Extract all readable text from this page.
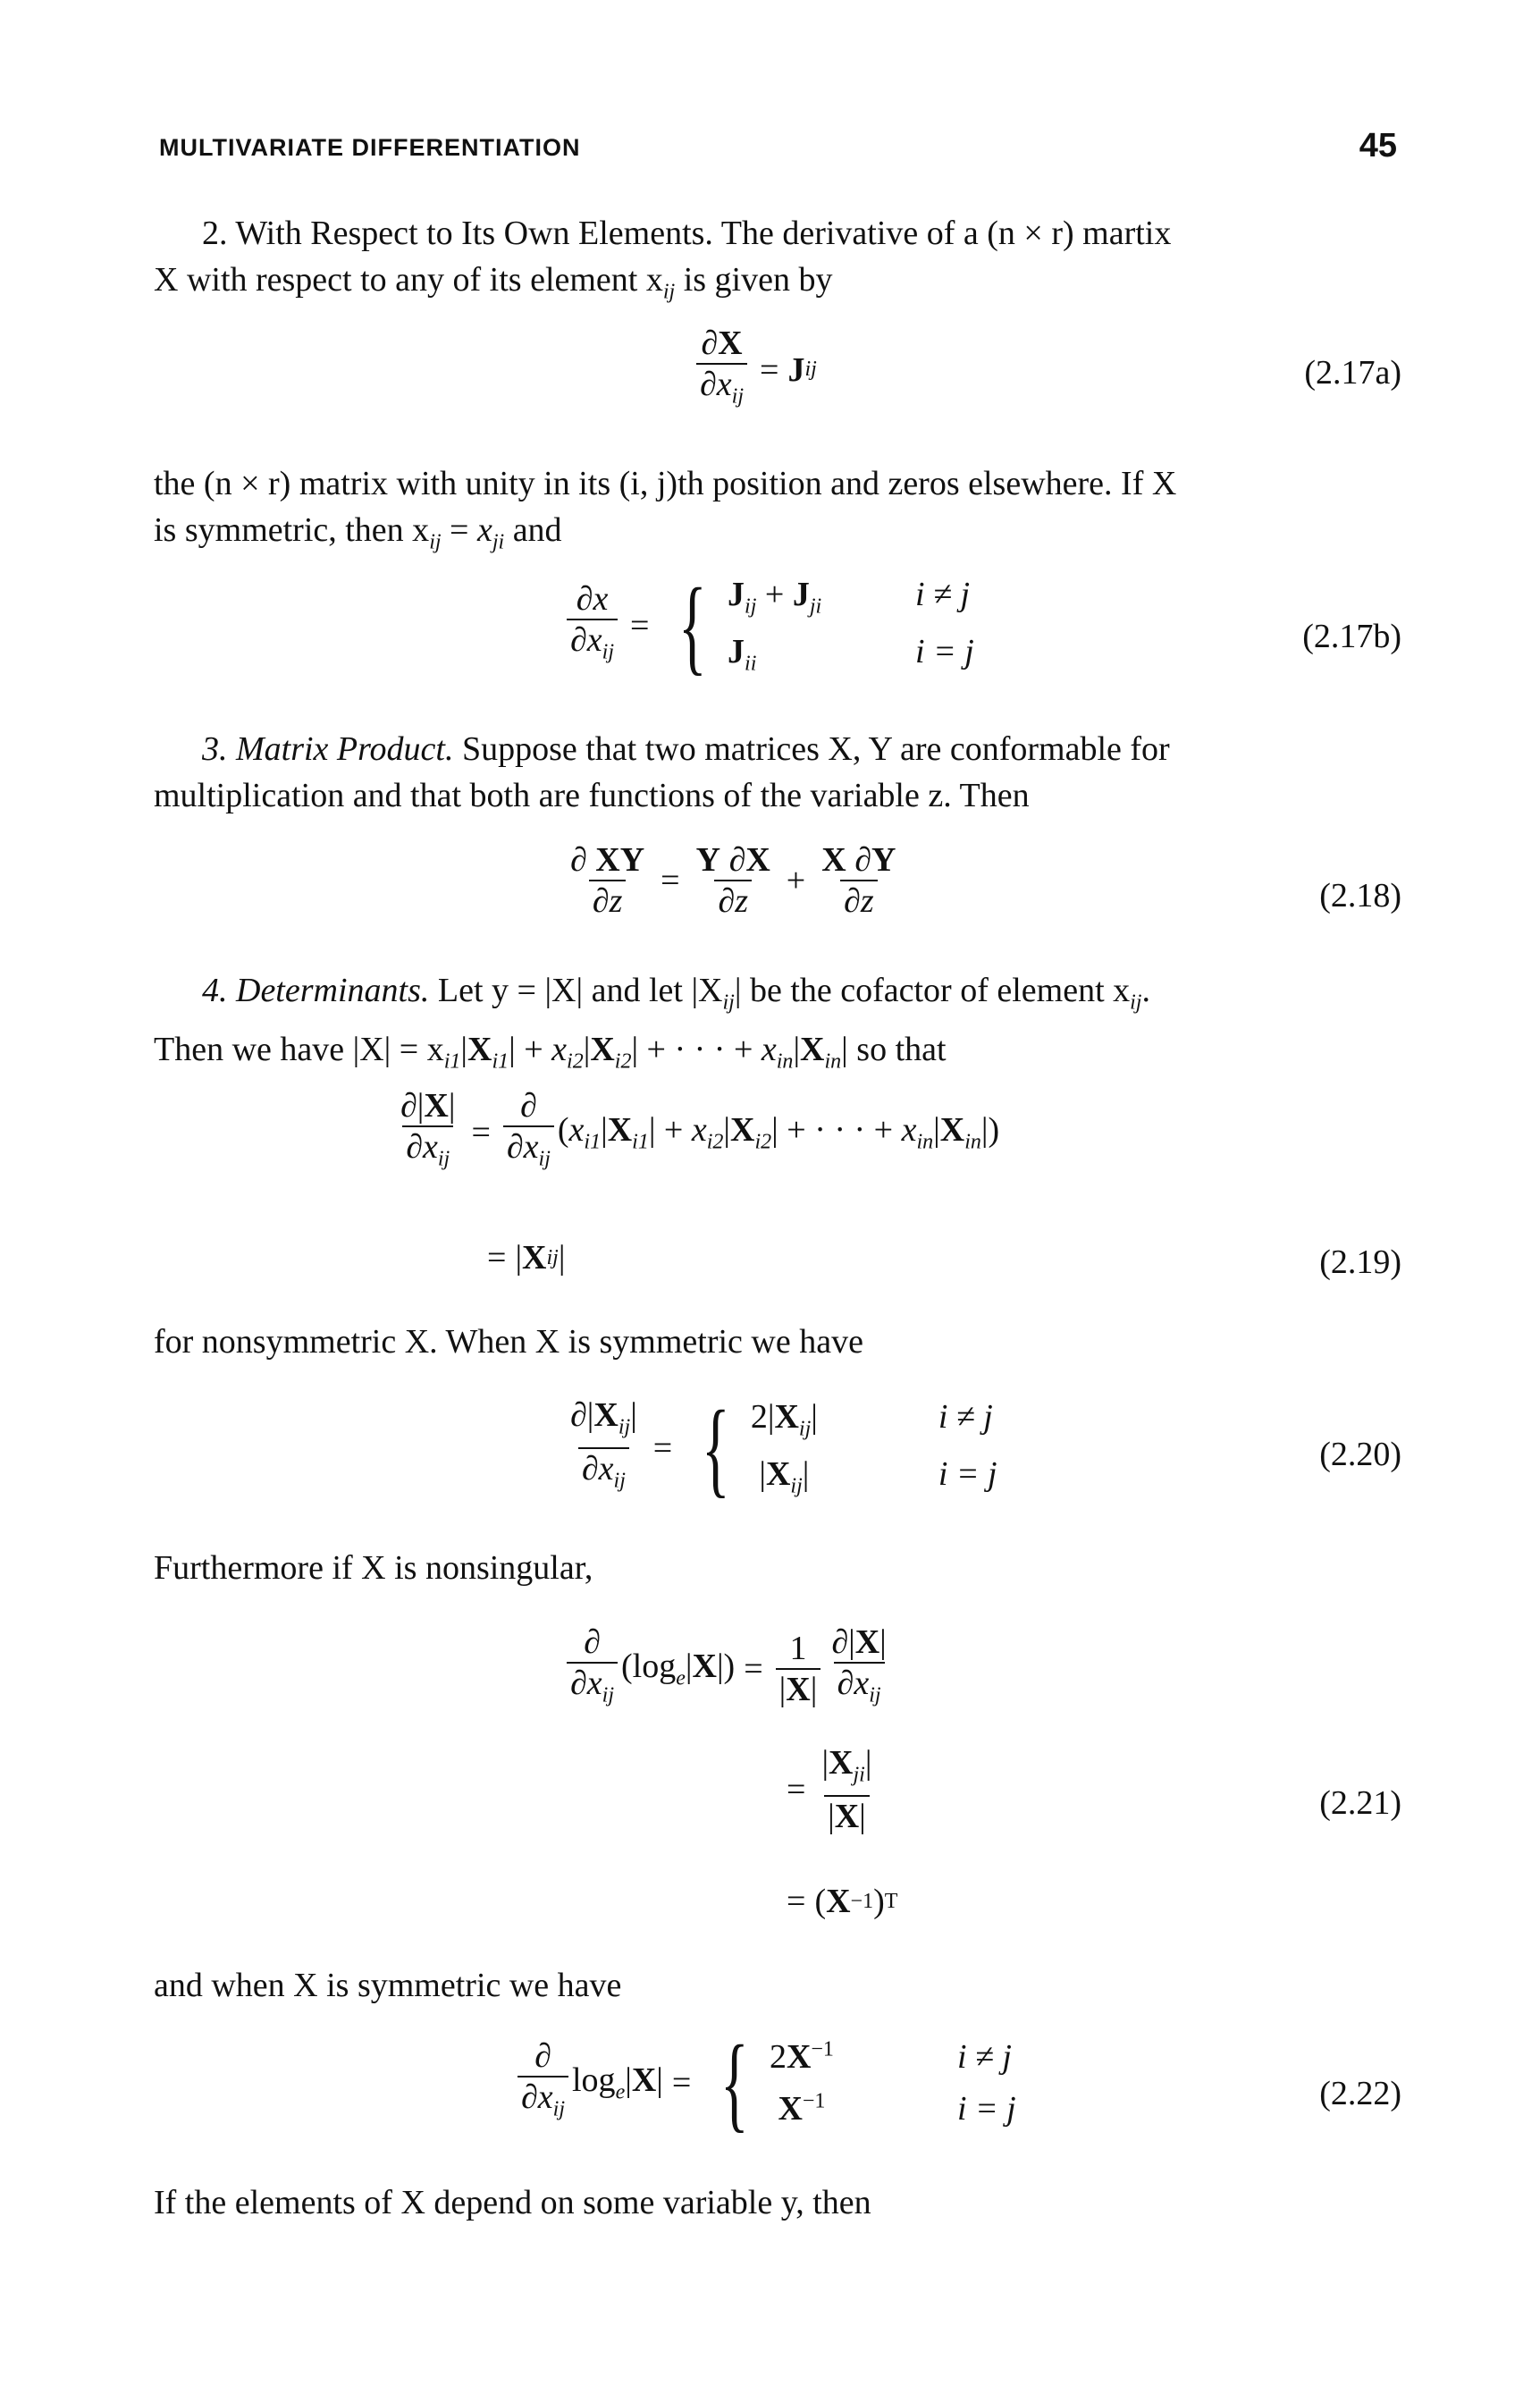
MULTIVARIATE DIFFERENTIATION	45
2. With Respect to Its Own Elements. The derivative of a (n × r) martix
X with respect to any of its element $x_{ij}$ is given by
$\frac{\partial X}{\partial x_{ij}} = J$ ij	(2.17a)
the (n × r) matrix with unity in its (i, j)th position and zeros elsewhere. If X
is symmetric, then $x_{ij} = x_{ji}$ and
$\frac{\partial x}{\partial x_{ij}}$ = { $J_{ij} + J_{ji}$	i ≠ j
$J_{ii}$	i = j	(2.17b)
3. Matrix Product. Suppose that two matrices X, Y are conformable for
multiplication and that both are functions of the variable z. Then
$\frac{\partial XY}{\partial z} = \frac{Y \partial X}{\partial z} + \frac{X \partial Y}{\partial z}$	(2.18)
4. Determinants. Let y = |X| and let $|X_{ij}|$ be the cofactor of element $x_{ij}$.
Then we have $|X| = x_{i1}|X_{i1}| + x_{i2}|X_{i2}|$ + · · · + $x_{in}|X_{in}|$ so that
$\frac{\partial|X|}{\partial x_{ij}} = \frac{\partial}{\partial x_{ij}} (x_{i1}|X_{i1}| + x_{i2}|X_{i2}|$ + · · · + $x_{in}|X_{in}|$)
= | X ij |	(2.19)
for nonsymmetric X. When X is symmetric we have
$\frac{\partial|X_{ij}|}{\partial x_{ij}}$ = { $2|X_{ij}|$	i ≠ j
$|X_{ij}|$	i = j
(2.20)
Furthermore if X is nonsingular,
$\frac{\partial}{\partial x_{ij}} (\log_e|X|) = \frac{1}{|X|} \frac{\partial|X|}{\partial x_{ij}}$
= $\frac{|X_{ji}|}{|X|}$	(2.21)
= ( X −1 ) T
and when X is symmetric we have
$\frac{\partial}{\partial x_{ij}} \log_e|X|$ = { $2X^{-1}$	i ≠ j
$X^{-1}$	i = j	(2.22)
If the elements of X depend on some variable y, then
